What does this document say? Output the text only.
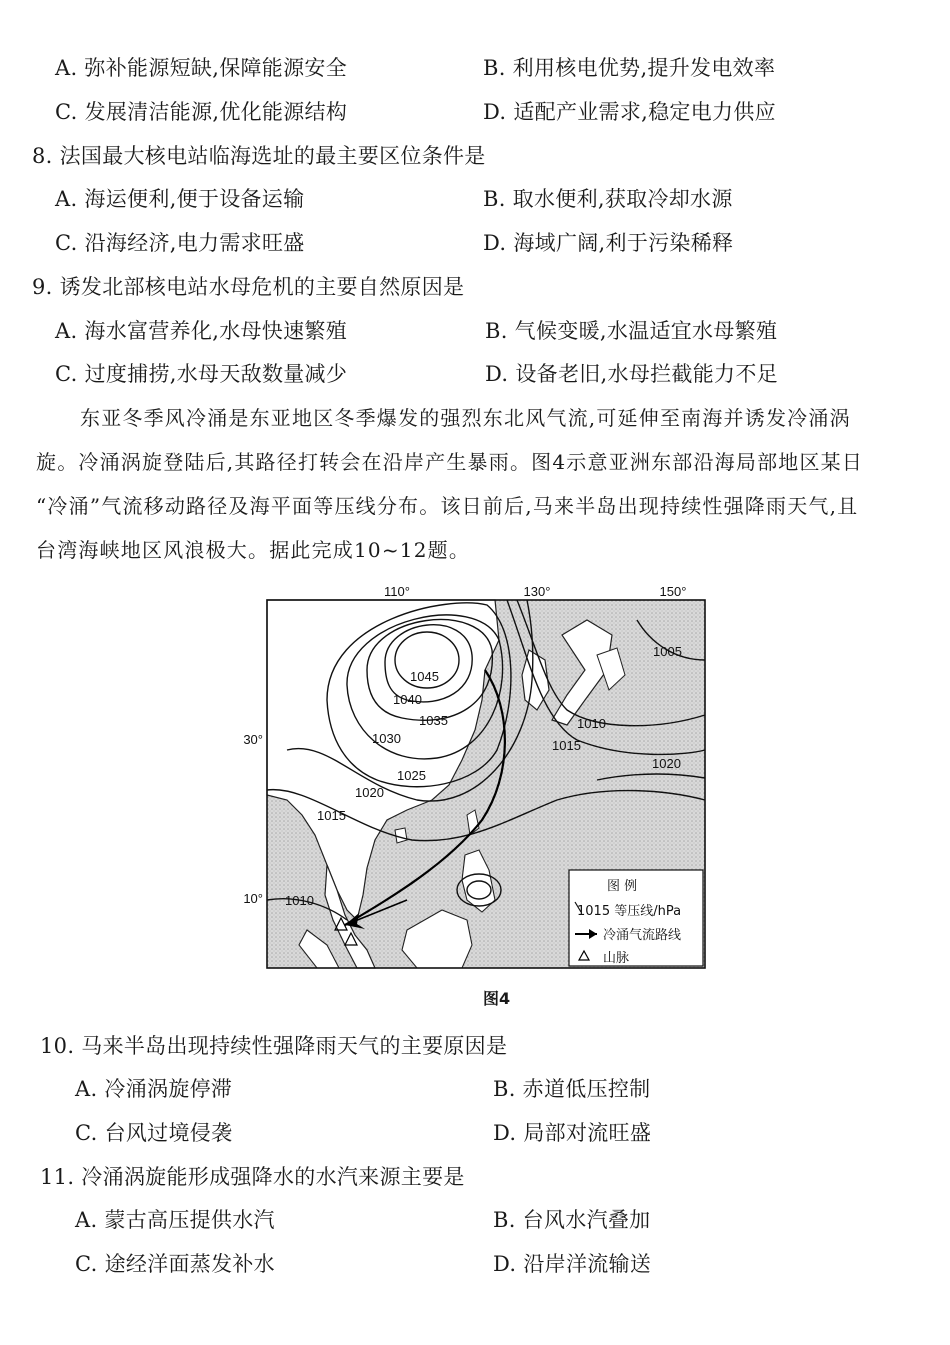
A. 弥补能源短缺,保障能源安全	B. 利用核电优势,提升发电效率
C. 发展清洁能源,优化能源结构	D. 适配产业需求,稳定电力供应
8. 法国最大核电站临海选址的最主要区位条件是
A. 海运便利,便于设备运输	B. 取水便利,获取冷却水源
C. 沿海经济,电力需求旺盛	D. 海域广阔,利于污染稀释
9. 诱发北部核电站水母危机的主要自然原因是
A. 海水富营养化,水母快速繁殖	B. 气候变暖,水温适宜水母繁殖
C. 过度捕捞,水母天敌数量减少	D. 设备老旧,水母拦截能力不足
东亚冬季风冷涌是东亚地区冬季爆发的强烈东北风气流,可延伸至南海并诱发冷涌涡
旋。冷涌涡旋登陆后,其路径打转会在沿岸产生暴雨。图4示意亚洲东部沿海局部地区某日
“冷涌”气流移动路径及海平面等压线分布。该日前后,马来半岛出现持续性强降雨天气,且
台湾海峡地区风浪极大。据此完成10~12题。
110°	130°	150°
30°
10°
1045
1040
1035
1030
1025
1020
1015
1010
1005
1010
1015
1020
图 例
1015 等压线/hPa
冷涌气流路线
山脉
图4
10. 马来半岛出现持续性强降雨天气的主要原因是
A. 冷涌涡旋停滞	B. 赤道低压控制
C. 台风过境侵袭	D. 局部对流旺盛
11. 冷涌涡旋能形成强降水的水汽来源主要是
A. 蒙古高压提供水汽	B. 台风水汽叠加
C. 途经洋面蒸发补水	D. 沿岸洋流输送
